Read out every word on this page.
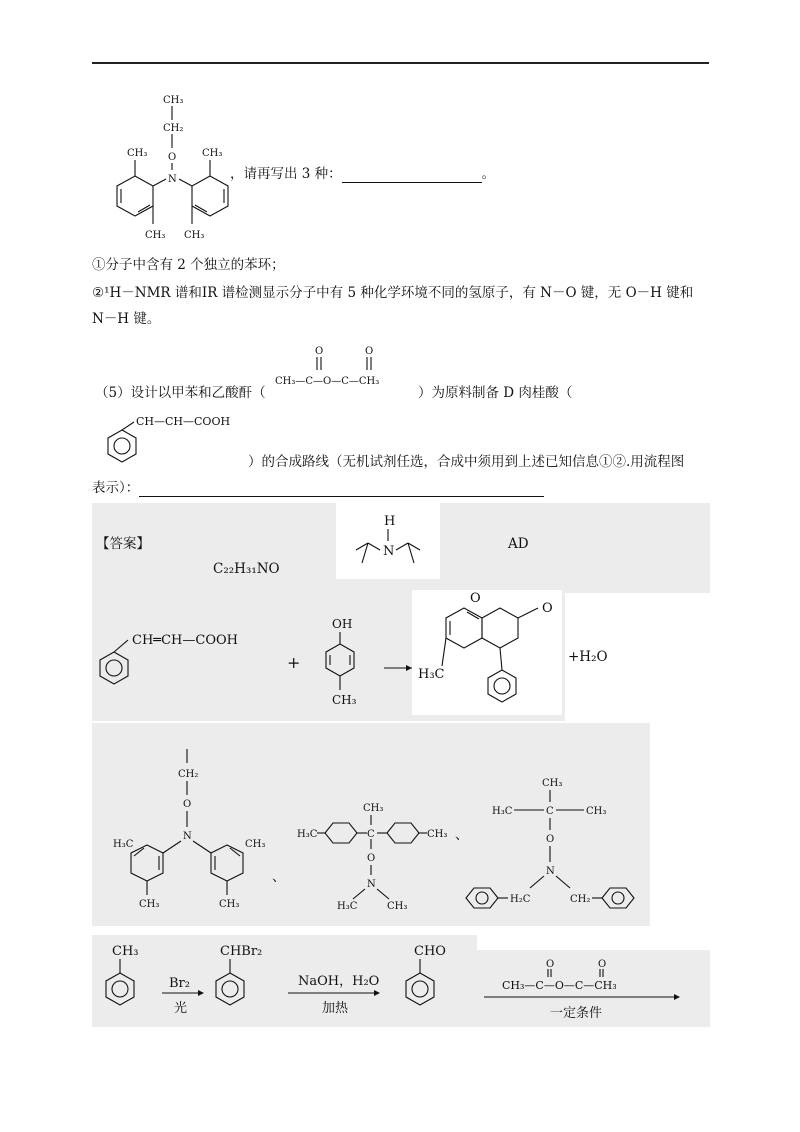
CH₃
CH₂
O
N
CH₃
CH₃
CH₃
CH₃
，请再写出 3 种：	。
①分子中含有 2 个独立的苯环；
②¹H－NMR 谱和IR 谱检测显示分子中有 5 种化学环境不同的氢原子，有 N－O 键，无 O－H 键和
N－H 键。
O	O
CH₃—C—O—C—CH₃
（5）设计以甲苯和乙酸酐（	）为原料制备 D 肉桂酸（
CH—CH—COOH
）的合成路线（无机试剂任选，合成中须用到上述已知信息①②.用流程图
表示）：
【答案】
C₂₂H₃₁NO
AD
H
N
CH═CH—COOH
+
OH
CH₃
O
O
H₃C
+H₂O
CH₂
O
N
H₃C
CH₃
CH₃
CH₃
、
H₃C	C
CH₃
CH₃
O
N
H₃C	CH₃
、
CH₃
H₃C	C	CH₃
O
N
H₂C	CH₂
CH₃
Br₂
光
CHBr₂
NaOH，H₂O
加热
CHO
O	O
CH₃—C—O—C—CH₃
一定条件
